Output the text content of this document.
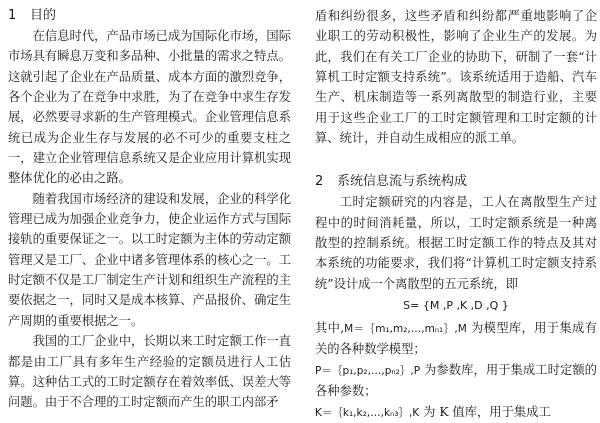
1 目的

在信息时代，产品市场已成为国际化市场，国际市场具有瞬息万变和多品种、小批量的需求之特点。这就引起了企业在产品质量、成本方面的激烈竞争，各个企业为了在竞争中求胜，为了在竞争中求生存发展，必然要寻求新的生产管理模式。企业管理信息系统已成为企业生存与发展的必不可少的重要支柱之一，建立企业管理信息系统又是企业应用计算机实现整体优化的必由之路。

随着我国市场经济的建设和发展，企业的科学化管理已成为加强企业竞争力，使企业运作方式与国际接轨的重要保证之一。以工时定额为主体的劳动定额管理又是工厂、企业中诸多管理体系的核心之一。工时定额不仅是工厂制定生产计划和组织生产流程的主要依据之一，同时又是成本核算、产品报价、确定生产周期的重要根据之一。

我国的工厂企业中，长期以来工时定额工作一直都是由工厂具有多年生产经验的定额员进行人工估算。这种估工式的工时定额存在着效率低、误差大等问题。由于不合理的工时定额而产生的职工内部矛

盾和纠纷很多，这些矛盾和纠纷都严重地影响了企业职工的劳动积极性，影响了企业生产的发展。为此，我们在有关工厂企业的协助下，研制了一套“计算机工时定额支持系统”。该系统适用于造船、汽车生产、机床制造等一系列离散型的制造行业，主要用于这些企业工厂的工时定额管理和工时定额的计算、统计，并自动生成相应的派工单。

2 系统信息流与系统构成

工时定额研究的内容是，工人在离散型生产过程中的时间消耗量，所以，工时定额系统是一种离散型的控制系统。根据工时定额工作的特点及其对本系统的功能要求，我们将“计算机工时定额支持系统”设计成一个离散型的五元系统，即

S= {M ,P ,K ,D ,Q }

其中,M＝｛m₁,m₂,…,mₙ₁｝,M 为模型库，用于集成有关的各种数学模型；

P＝｛p₁,p₂,…,pₙ₂｝,P 为参数库，用于集成工时定额的各种参数；

K＝｛k₁,k₂,…,kₙ₃｝,K 为 K 值库，用于集成工
